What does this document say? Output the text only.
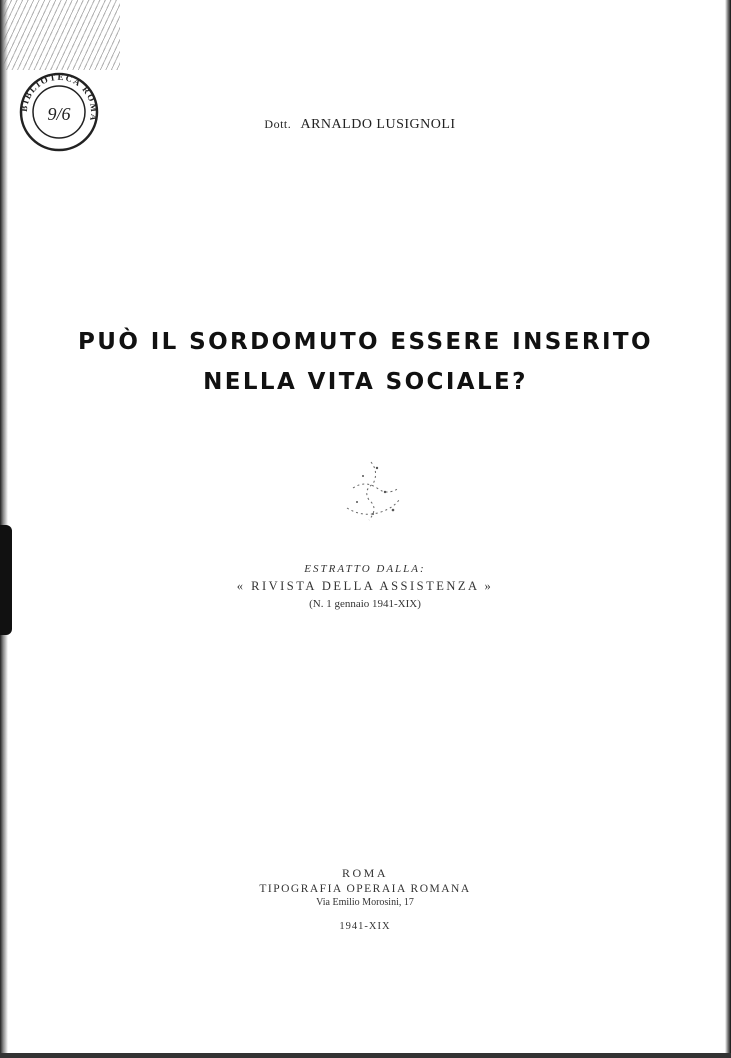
BIBLIOTECA ROMA
9/6	Dott. ARNALDO LUSIGNOLI
PUÒ IL SORDOMUTO ESSERE INSERITO
NELLA VITA SOCIALE?
ESTRATTO DALLA:
« RIVISTA DELLA ASSISTENZA »
(N. 1 gennaio 1941-XIX)
ROMA
TIPOGRAFIA OPERAIA ROMANA
Via Emilio Morosini, 17
1941-XIX
